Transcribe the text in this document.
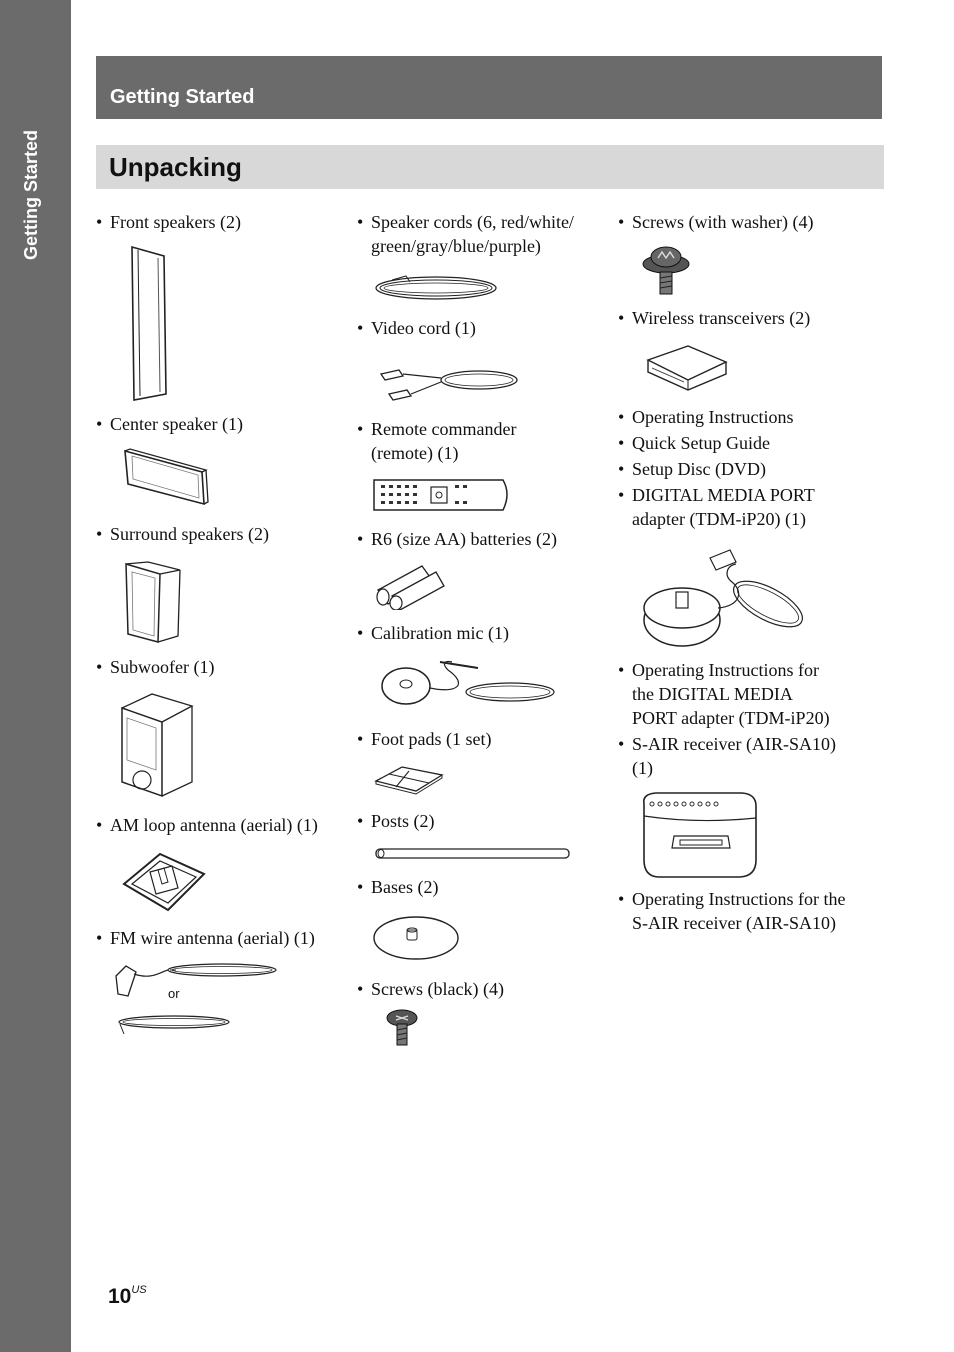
Getting Started
Getting Started
Unpacking
• Front speakers (2)
• Center speaker (1)
• Surround speakers (2)
• Subwoofer (1)
• AM loop antenna (aerial) (1)
• FM wire antenna (aerial) (1)
or
• Speaker cords (6, red/white/
green/gray/blue/purple)
• Video cord (1)
• Remote commander
(remote) (1)
• R6 (size AA) batteries (2)
• Calibration mic (1)
• Foot pads (1 set)
• Posts (2)
• Bases (2)
• Screws (black) (4)
• Screws (with washer) (4)
• Wireless transceivers (2)
• Operating Instructions
• Quick Setup Guide
• Setup Disc (DVD)
• DIGITAL MEDIA PORT
adapter (TDM-iP20) (1)
• Operating Instructions for
the DIGITAL MEDIA
PORT adapter (TDM-iP20)
• S-AIR receiver (AIR-SA10)
(1)
• Operating Instructions for the
S-AIR receiver (AIR-SA10)
$10^{US}$
